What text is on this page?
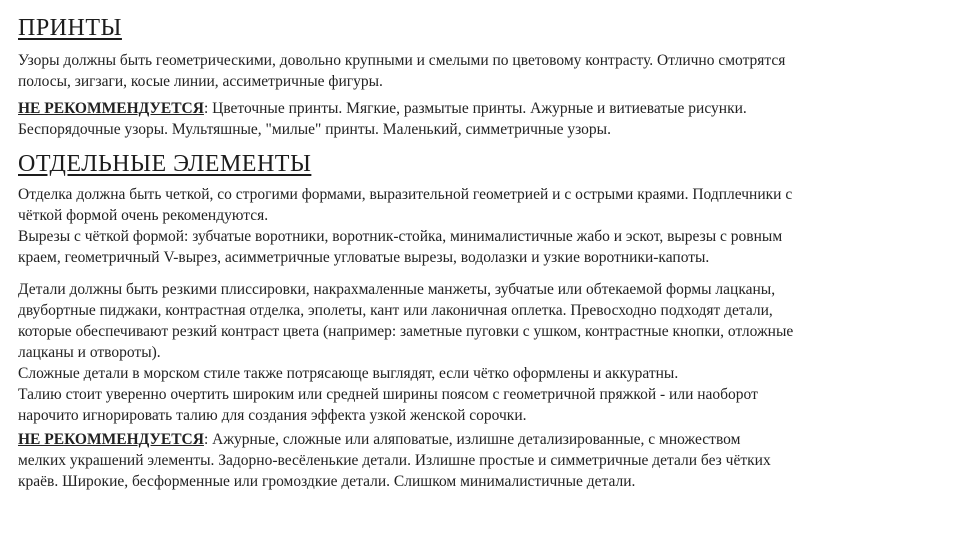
ПРИНТЫ

Узоры должны быть геометрическими, довольно крупными и смелыми по цветовому контрасту. Отлично смотрятся
полосы, зигзаги, косые линии, ассиметричные фигуры.

НЕ РЕКОММЕНДУЕТСЯ: Цветочные принты. Мягкие, размытые принты. Ажурные и витиеватые рисунки.
Беспорядочные узоры. Мультяшные, "милые" принты. Маленький, симметричные узоры.

ОТДЕЛЬНЫЕ ЭЛЕМЕНТЫ

Отделка должна быть четкой, со строгими формами, выразительной геометрией и с острыми краями. Подплечники с
чёткой формой очень рекомендуются.
Вырезы с чёткой формой: зубчатые воротники, воротник-стойка, минималистичные жабо и эскот, вырезы с ровным
краем, геометричный V-вырез, асимметричные угловатые вырезы, водолазки и узкие воротники-капоты.

Детали должны быть резкими плиссировки, накрахмаленные манжеты, зубчатые или обтекаемой формы лацканы,
двубортные пиджаки, контрастная отделка, эполеты, кант или лаконичная оплетка. Превосходно подходят детали,
которые обеспечивают резкий контраст цвета (например: заметные пуговки с ушком, контрастные кнопки, отложные
лацканы и отвороты).
Сложные детали в морском стиле также потрясающе выглядят, если чётко оформлены и аккуратны.
Талию стоит уверенно очертить широким или средней ширины поясом с геометричной пряжкой - или наоборот
нарочито игнорировать талию для создания эффекта узкой женской сорочки.

НЕ РЕКОММЕНДУЕТСЯ: Ажурные, сложные или аляповатые, излишне детализированные, с множеством
мелких украшений элементы. Задорно-весёленькие детали. Излишне простые и симметричные детали без чётких
краёв. Широкие, бесформенные или громоздкие детали. Слишком минималистичные детали.
